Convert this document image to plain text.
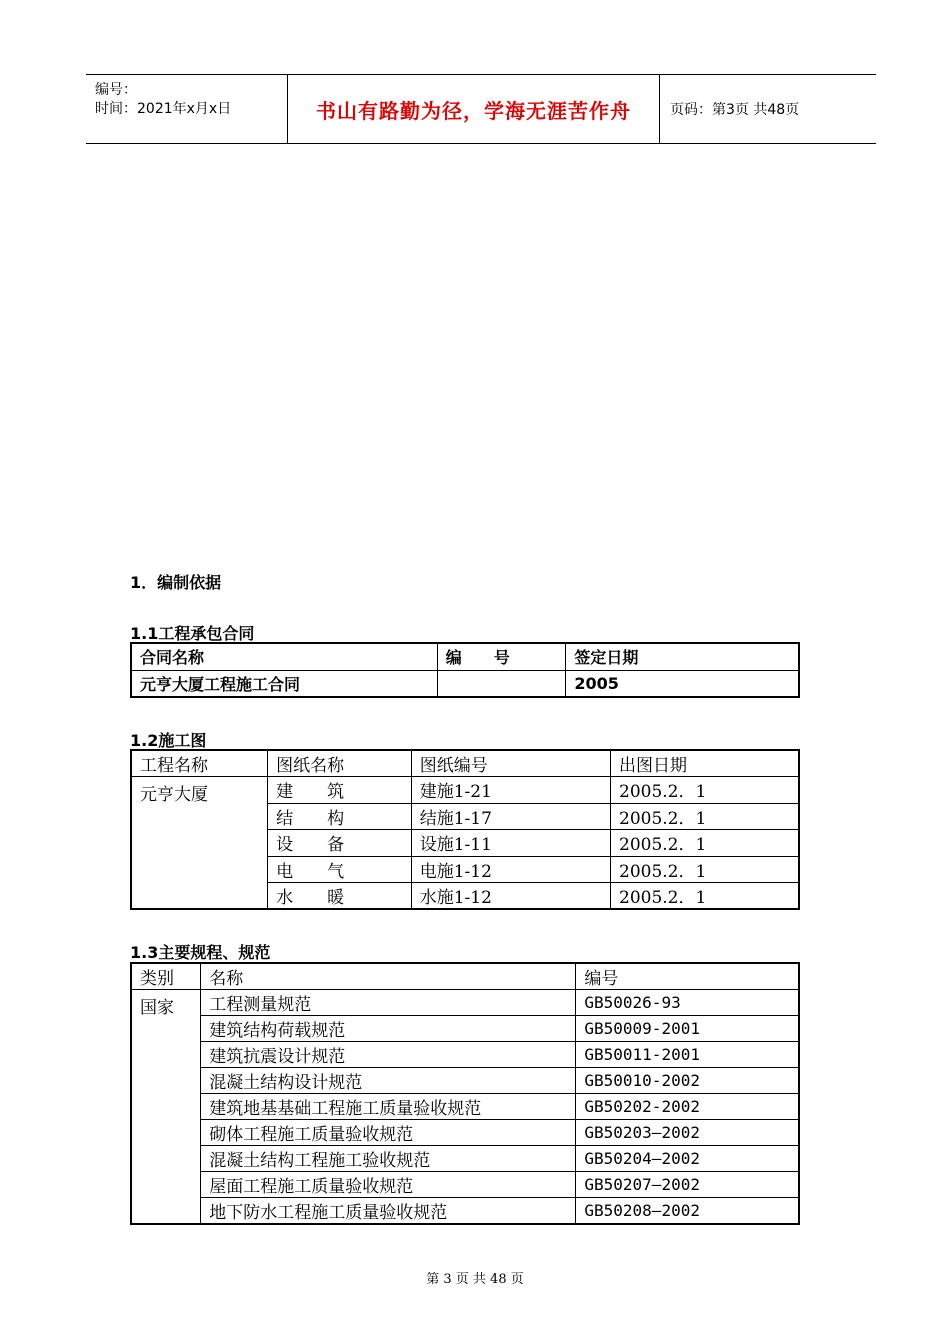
编号：
时间：2021年x月x日	书山有路勤为径，学海无涯苦作舟	页码：第3页 共48页
1．编制依据
1.1工程承包合同
合同名称	编　　号	签定日期
元亨大厦工程施工合同		2005
1.2施工图
工程名称	图纸名称	图纸编号	出图日期
元亨大厦	建　　筑	建施1-21	2005.2．1
	结　　构	结施1-17	2005.2．1
	设　　备	设施1-11	2005.2．1
	电　　气	电施1-12	2005.2．1
	水　　暖	水施1-12	2005.2．1
1.3主要规程、规范
类别	名称	编号
国家	工程测量规范	GB50026-93
	建筑结构荷载规范	GB50009-2001
	建筑抗震设计规范	GB50011-2001
	混凝土结构设计规范	GB50010-2002
	建筑地基基础工程施工质量验收规范	GB50202-2002
	砌体工程施工质量验收规范	GB50203—2002
	混凝土结构工程施工验收规范	GB50204—2002
	屋面工程施工质量验收规范	GB50207—2002
	地下防水工程施工质量验收规范	GB50208—2002
第 3 页 共 48 页
